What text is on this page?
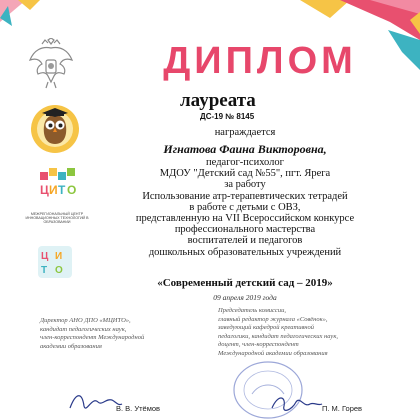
Ц И Т О
МЕЖРЕГИОНАЛЬНЫЙ ЦЕНТР ИННОВАЦИОННЫХ ТЕХНОЛОГИЙ В ОБРАЗОВАНИИ
Ц И
Т О
ДИПЛОМ
лауреата
ДС-19 № 8145
награждается
Игнатова Фаина Викторовна,
педагог-психолог
МДОУ "Детский сад №55", пгт. Ярега
за работу
Использование атр-терапевтических тетрадей
в работе с детьми с ОВЗ,
представленную на VII Всероссийском конкурсе
профессионального мастерства
воспитателей и педагогов
дошкольных образовательных учреждений
«Современный детский сад – 2019»
09 апреля 2019 года
Директор АНО ДПО «МЦИТО»,
кандидат педагогических наук,
член-корреспондент Международной
академии образования
Председатель комиссии,
главный редактор журнала «Совёнок»,
заведующий кафедрой креативной
педагогики, кандидат педагогических наук,
доцент, член-корреспондент
Международной академии образования
В. В. Утёмов	П. М. Горев
